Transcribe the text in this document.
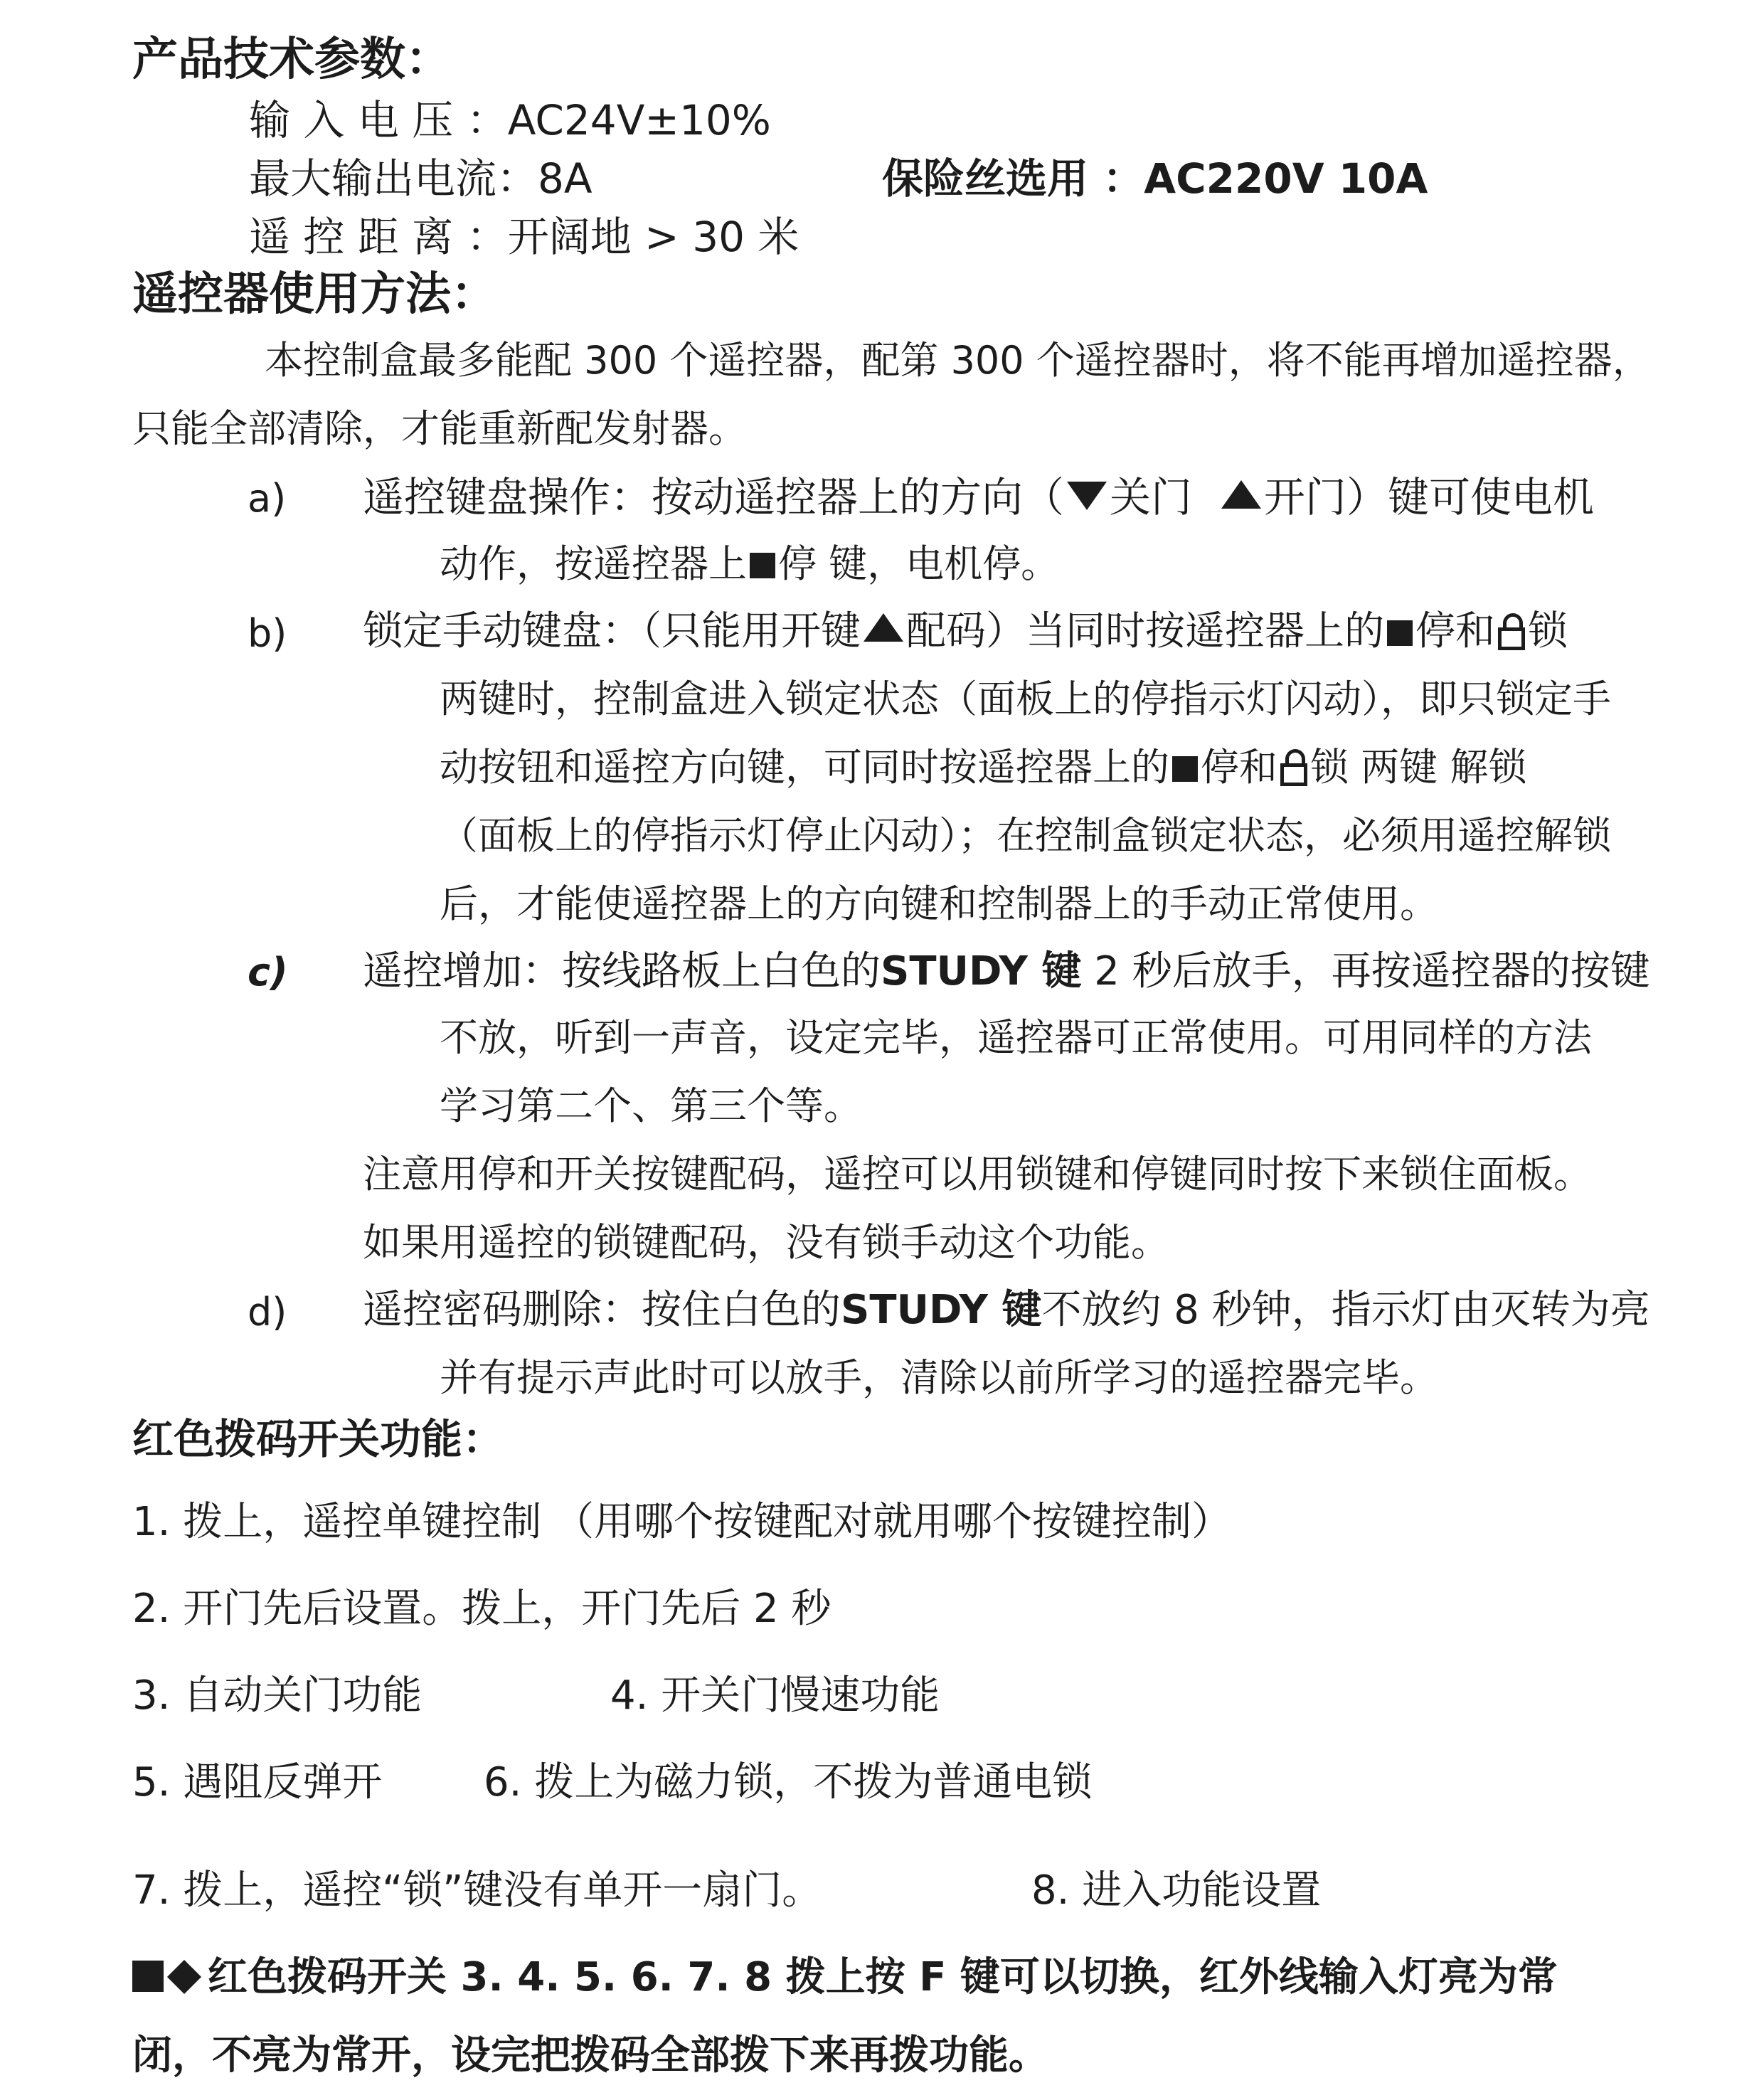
产品技术参数：
输 入 电 压 ：AC24V±10%
最大输出电流：8A	保险丝选用 ：AC220V 10A
遥 控 距 离 ：开阔地 > 30 米
遥控器使用方法：
本控制盒最多能配 300 个遥控器，配第 300 个遥控器时，将不能再增加遥控器，
只能全部清除，才能重新配发射器。
a) 遥控键盘操作：按动遥控器上的方向（ 关门 开门）键可使电机
动作，按遥控器上 停 键，电机停。
b) 锁定手动键盘：（只能用开键 配码）当同时按遥控器上的 停和 锁
两键时，控制盒进入锁定状态（面板上的停指示灯闪动），即只锁定手
动按钮和遥控方向键，可同时按遥控器上的 停和 锁 两键 解锁
（面板上的停指示灯停止闪动）；在控制盒锁定状态，必须用遥控解锁
后，才能使遥控器上的方向键和控制器上的手动正常使用。
c) 遥控增加：按线路板上白色的STUDY 键 2 秒后放手，再按遥控器的按键
不放，听到一声音，设定完毕，遥控器可正常使用。可用同样的方法
学习第二个、第三个等。
注意用停和开关按键配码，遥控可以用锁键和停键同时按下来锁住面板。
如果用遥控的锁键配码，没有锁手动这个功能。
d) 遥控密码删除：按住白色的STUDY 键不放约 8 秒钟，指示灯由灭转为亮
并有提示声此时可以放手，清除以前所学习的遥控器完毕。
红色拨码开关功能：
1. 拨上，遥控单键控制 （用哪个按键配对就用哪个按键控制）
2. 开门先后设置。拨上，开门先后 2 秒
3. 自动关门功能	4. 开关门慢速功能
5. 遇阻反弹开	6. 拨上为磁力锁，不拨为普通电锁
7. 拨上，遥控“锁”键没有单开一扇门。	8. 进入功能设置
红色拨码开关 3. 4. 5. 6. 7. 8 拨上按 F 键可以切换，红外线输入灯亮为常
闭，不亮为常开，设完把拨码全部拨下来再拨功能。
